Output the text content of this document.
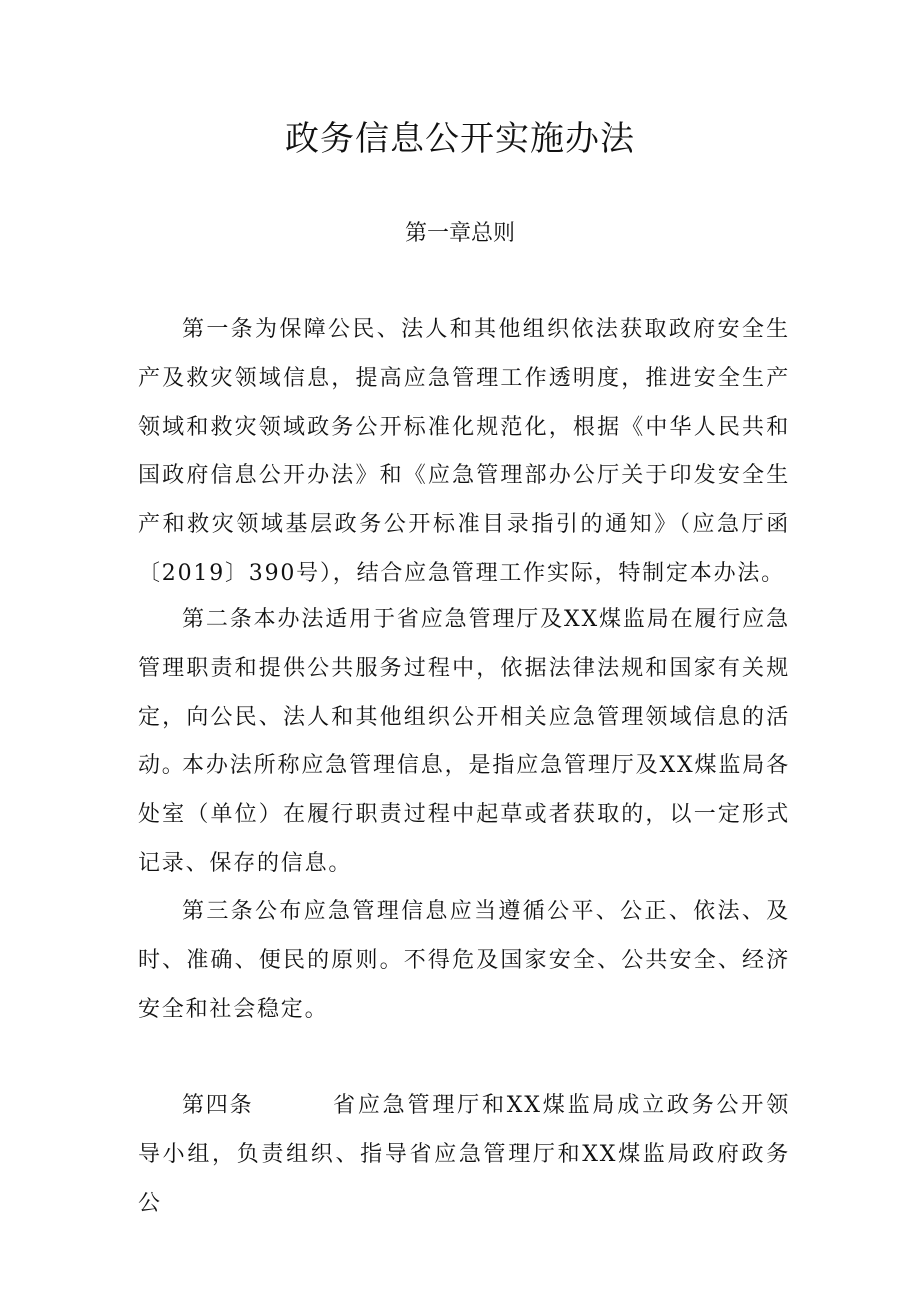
政务信息公开实施办法
第一章总则

第一条为保障公民、法人和其他组织依法获取政府安全生产及救灾领域信息，提高应急管理工作透明度，推进安全生产领域和救灾领域政务公开标准化规范化，根据《中华人民共和国政府信息公开办法》和《应急管理部办公厅关于印发安全生产和救灾领域基层政务公开标准目录指引的通知》（应急厅函〔2019〕390号），结合应急管理工作实际，特制定本办法。

第二条本办法适用于省应急管理厅及XX煤监局在履行应急管理职责和提供公共服务过程中，依据法律法规和国家有关规定，向公民、法人和其他组织公开相关应急管理领域信息的活动。

本办法所称应急管理信息，是指应急管理厅及XX煤监局各处室（单位）在履行职责过程中起草或者获取的，以一定形式记录、保存的信息。

第三条公布应急管理信息应当遵循公平、公正、依法、及时、准确、便民的原则。不得危及国家安全、公共安全、经济安全和社会稳定。

第四条	省应急管理厅和XX煤监局成立政务公开领导小组，负责组织、指导省应急管理厅和XX煤监局政府政务公
